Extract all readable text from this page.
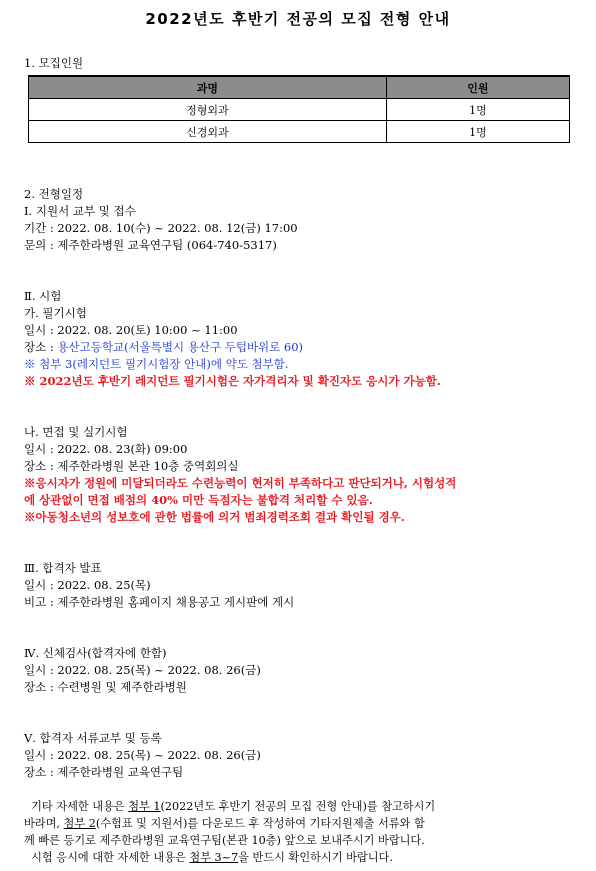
2022년도 후반기 전공의 모집 전형 안내
1. 모집인원
과명	인원
정형외과	1명
신경외과	1명
2. 전형일정
Ⅰ. 지원서 교부 및 접수
기간 : 2022. 08. 10(수) ~ 2022. 08. 12(금) 17:00
문의 : 제주한라병원 교육연구팀 (064-740-5317)
Ⅱ. 시험
가. 필기시험
일시 : 2022. 08. 20(토) 10:00 ~ 11:00
장소 : 용산고등학교(서울특별시 용산구 두텁바위로 60)
※ 첨부 3(레지던트 필기시험장 안내)에 약도 첨부함.
※ 2022년도 후반기 레지던트 필기시험은 자가격리자 및 확진자도 응시가 가능함.
나. 면접 및 실기시험
일시 : 2022. 08. 23(화) 09:00
장소 : 제주한라병원 본관 10층 중역회의실
※응시자가 정원에 미달되더라도 수련능력이 현저히 부족하다고 판단되거나, 시험성적
에 상관없이 면접 배점의 40% 미만 득점자는 불합격 처리할 수 있음.
※아동청소년의 성보호에 관한 법률에 의거 범죄경력조회 결과 확인될 경우.
Ⅲ. 합격자 발표
일시 : 2022. 08. 25(목)
비고 : 제주한라병원 홈페이지 채용공고 게시판에 게시
Ⅳ. 신체검사(합격자에 한함)
일시 : 2022. 08. 25(목) ~ 2022. 08. 26(금)
장소 : 수련병원 및 제주한라병원
Ⅴ. 합격자 서류교부 및 등록
일시 : 2022. 08. 25(목) ~ 2022. 08. 26(금)
장소 : 제주한라병원 교육연구팀
기타 자세한 내용은 첨부 1(2022년도 후반기 전공의 모집 전형 안내)를 참고하시기
바라며, 첨부 2(수험표 및 지원서)를 다운로드 후 작성하여 기타지원제출 서류와 함
께 빠른 등기로 제주한라병원 교육연구팀(본관 10층) 앞으로 보내주시기 바랍니다.
시험 응시에 대한 자세한 내용은 첨부 3~7을 반드시 확인하시기 바랍니다.
